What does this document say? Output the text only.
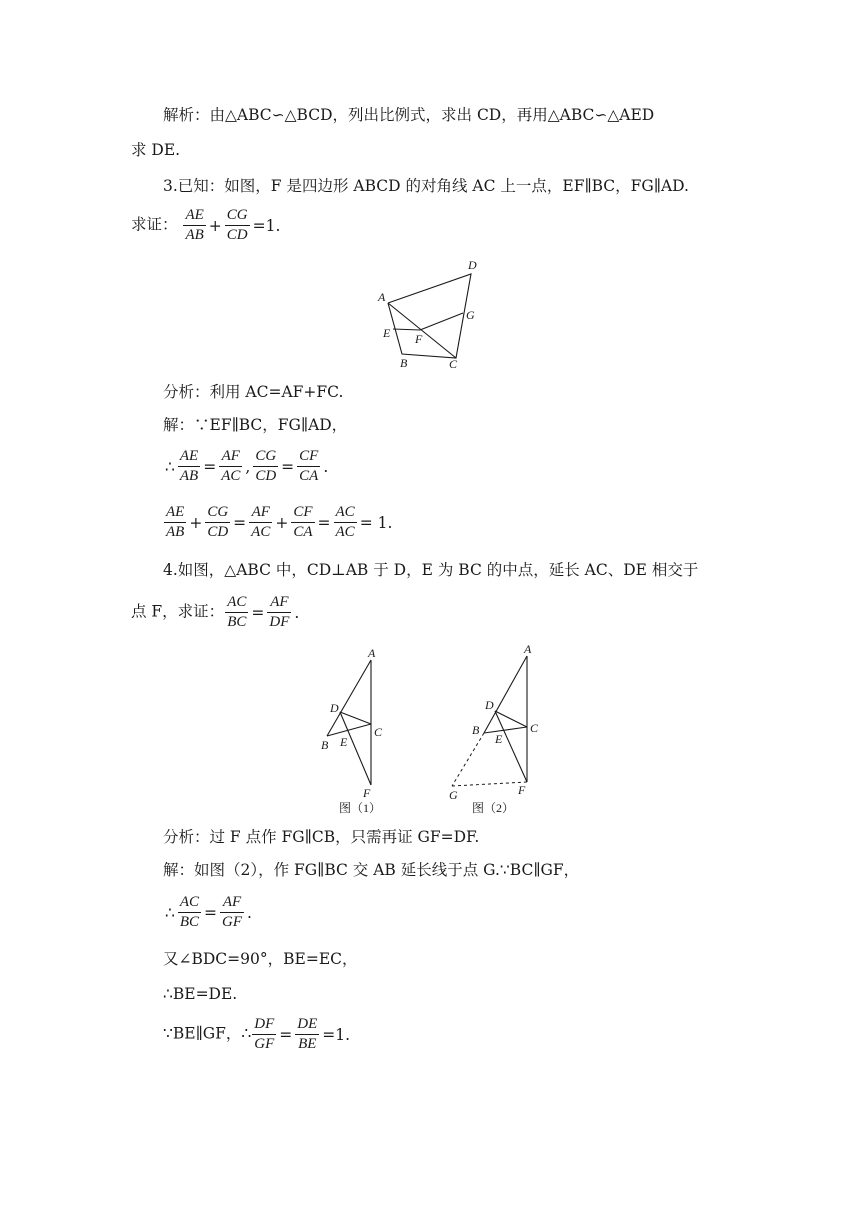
解析：由△ABC∽△BCD，列出比例式，求出 CD，再用△ABC∽△AED
求 DE.
3.已知：如图，F 是四边形 ABCD 的对角线 AC 上一点，EF∥BC，FG∥AD.
求证： $\frac{AE}{AB} + \frac{CG}{CD} =1$.
D
A
G
E F
B	C
分析：利用 AC=AF+FC.
解：∵EF∥BC，FG∥AD，
∴ $\frac{AE}{AB} = \frac{AF}{AC}$ , $\frac{CG}{CD} = \frac{CF}{CA}$ .
$\frac{AE}{AB} + \frac{CG}{CD} = \frac{AF}{AC} + \frac{CF}{CA} = \frac{AC}{AC} = 1$.
4.如图，△ABC 中，CD⊥AB 于 D，E 为 BC 的中点，延长 AC、DE 相交于
点 F，求证： $\frac{AC}{BC} = \frac{AF}{DF}$ .
A
D
C
E
B
F
图（1）
A
D
C
E
B
F
G
图（2）
分析：过 F 点作 FG∥CB，只需再证 GF=DF.
解：如图（2），作 FG∥BC 交 AB 延长线于点 G.∵BC∥GF，
∴ $\frac{AC}{BC} = \frac{AF}{GF}$ .
又∠BDC=90°，BE=EC，
∴BE=DE.
∵BE∥GF，∴ $\frac{DF}{GF} = \frac{DE}{BE} =1$.
